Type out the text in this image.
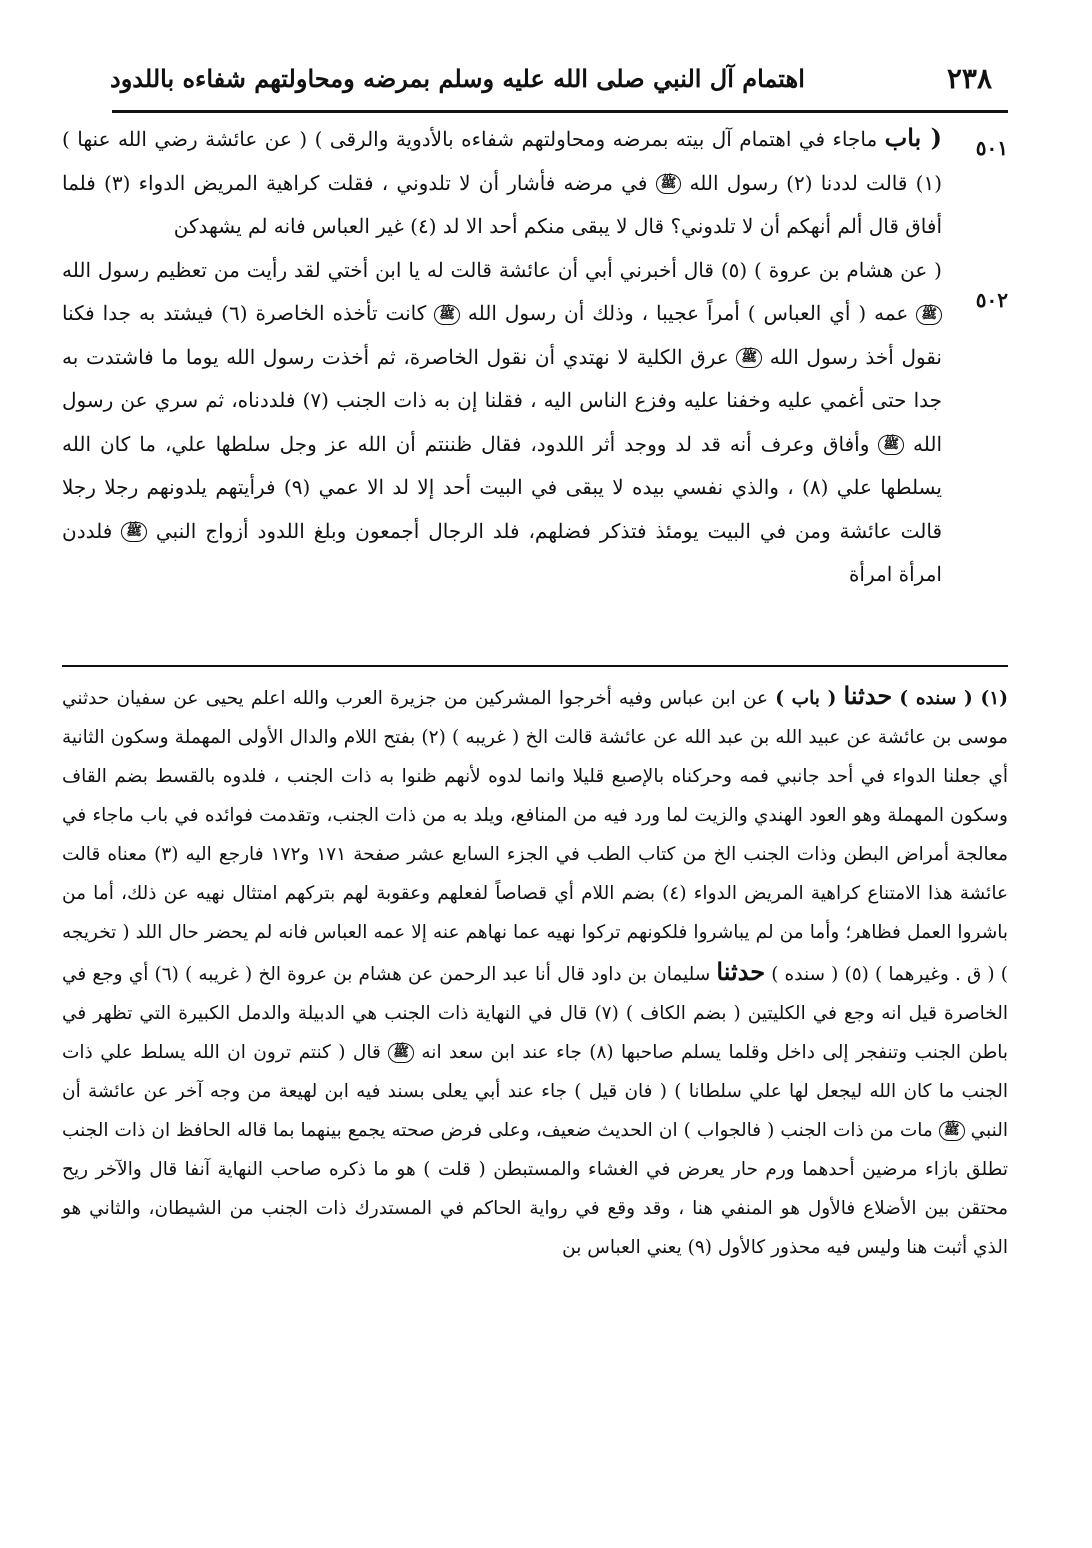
٢٣٨
اهتمام آل النبي صلى الله عليه وسلم بمرضه ومحاولتهم شفاءه باللدود
٥٠١
٥٠٢

( باب ماجاء في اهتمام آل بيته بمرضه ومحاولتهم شفاءه بالأدوية والرقى ) ( عن عائشة رضي الله عنها ) (١) قالت لددنا (٢) رسول الله ﷺ في مرضه فأشار أن لا تلدوني ، فقلت كراهية المريض الدواء (٣) فلما أفاق قال ألم أنهكم أن لا تلدوني؟ قال لا يبقى منكم أحد الا لد (٤) غير العباس فانه لم يشهدكن

( عن هشام بن عروة ) (٥) قال أخبرني أبي أن عائشة قالت له يا ابن أختي لقد رأيت من تعظيم رسول الله ﷺ عمه ( أي العباس ) أمراً عجيبا ، وذلك أن رسول الله ﷺ كانت تأخذه الخاصرة (٦) فيشتد به جدا فكنا نقول أخذ رسول الله ﷺ عرق الكلية لا نهتدي أن نقول الخاصرة، ثم أخذت رسول الله يوما ما فاشتدت به جدا حتى أغمي عليه وخفنا عليه وفزع الناس اليه ، فقلنا إن به ذات الجنب (٧) فلددناه، ثم سري عن رسول الله ﷺ وأفاق وعرف أنه قد لد ووجد أثر اللدود، فقال ظننتم أن الله عز وجل سلطها علي، ما كان الله يسلطها علي (٨) ، والذي نفسي بيده لا يبقى في البيت أحد إلا لد الا عمي (٩) فرأيتهم يلدونهم رجلا رجلا قالت عائشة ومن في البيت يومئذ فتذكر فضلهم، فلد الرجال أجمعون وبلغ اللدود أزواج النبي ﷺ فلددن امرأة امرأة

(١) ( سنده ) حدثنا ( باب ) عن ابن عباس وفيه أخرجوا المشركين من جزيرة العرب والله اعلم يحيى عن سفيان حدثني موسى بن عائشة عن عبيد الله بن عبد الله عن عائشة قالت الخ ( غريبه ) (٢) بفتح اللام والدال الأولى المهملة وسكون الثانية أي جعلنا الدواء في أحد جانبي فمه وحركناه بالإصبع قليلا وانما لدوه لأنهم ظنوا به ذات الجنب ، فلدوه بالقسط بضم القاف وسكون المهملة وهو العود الهندي والزيت لما ورد فيه من المنافع، ويلد به من ذات الجنب، وتقدمت فوائده في باب ماجاء في معالجة أمراض البطن وذات الجنب الخ من كتاب الطب في الجزء السابع عشر صفحة ١٧١ و١٧٢ فارجع اليه (٣) معناه قالت عائشة هذا الامتناع كراهية المريض الدواء (٤) بضم اللام أي قصاصاً لفعلهم وعقوبة لهم بتركهم امتثال نهيه عن ذلك، أما من باشروا العمل فظاهر؛ وأما من لم يباشروا فلكونهم تركوا نهيه عما نهاهم عنه إلا عمه العباس فانه لم يحضر حال اللد ( تخريجه ) ( ق . وغيرهما ) (٥) ( سنده ) حدثنا سليمان بن داود قال أنا عبد الرحمن عن هشام بن عروة الخ ( غريبه ) (٦) أي وجع في الخاصرة قيل انه وجع في الكليتين ( بضم الكاف ) (٧) قال في النهاية ذات الجنب هي الدبيلة والدمل الكبيرة التي تظهر في باطن الجنب وتنفجر إلى داخل وقلما يسلم صاحبها (٨) جاء عند ابن سعد انه ﷺ قال ( كنتم ترون ان الله يسلط علي ذات الجنب ما كان الله ليجعل لها علي سلطانا ) ( فان قيل ) جاء عند أبي يعلى بسند فيه ابن لهيعة من وجه آخر عن عائشة أن النبي ﷺ مات من ذات الجنب ( فالجواب ) ان الحديث ضعيف، وعلى فرض صحته يجمع بينهما بما قاله الحافظ ان ذات الجنب تطلق بازاء مرضين أحدهما ورم حار يعرض في الغشاء والمستبطن ( قلت ) هو ما ذكره صاحب النهاية آنفا قال والآخر ريح محتقن بين الأضلاع فالأول هو المنفي هنا ، وقد وقع في رواية الحاكم في المستدرك ذات الجنب من الشيطان، والثاني هو الذي أثبت هنا وليس فيه محذور كالأول (٩) يعني العباس بن
